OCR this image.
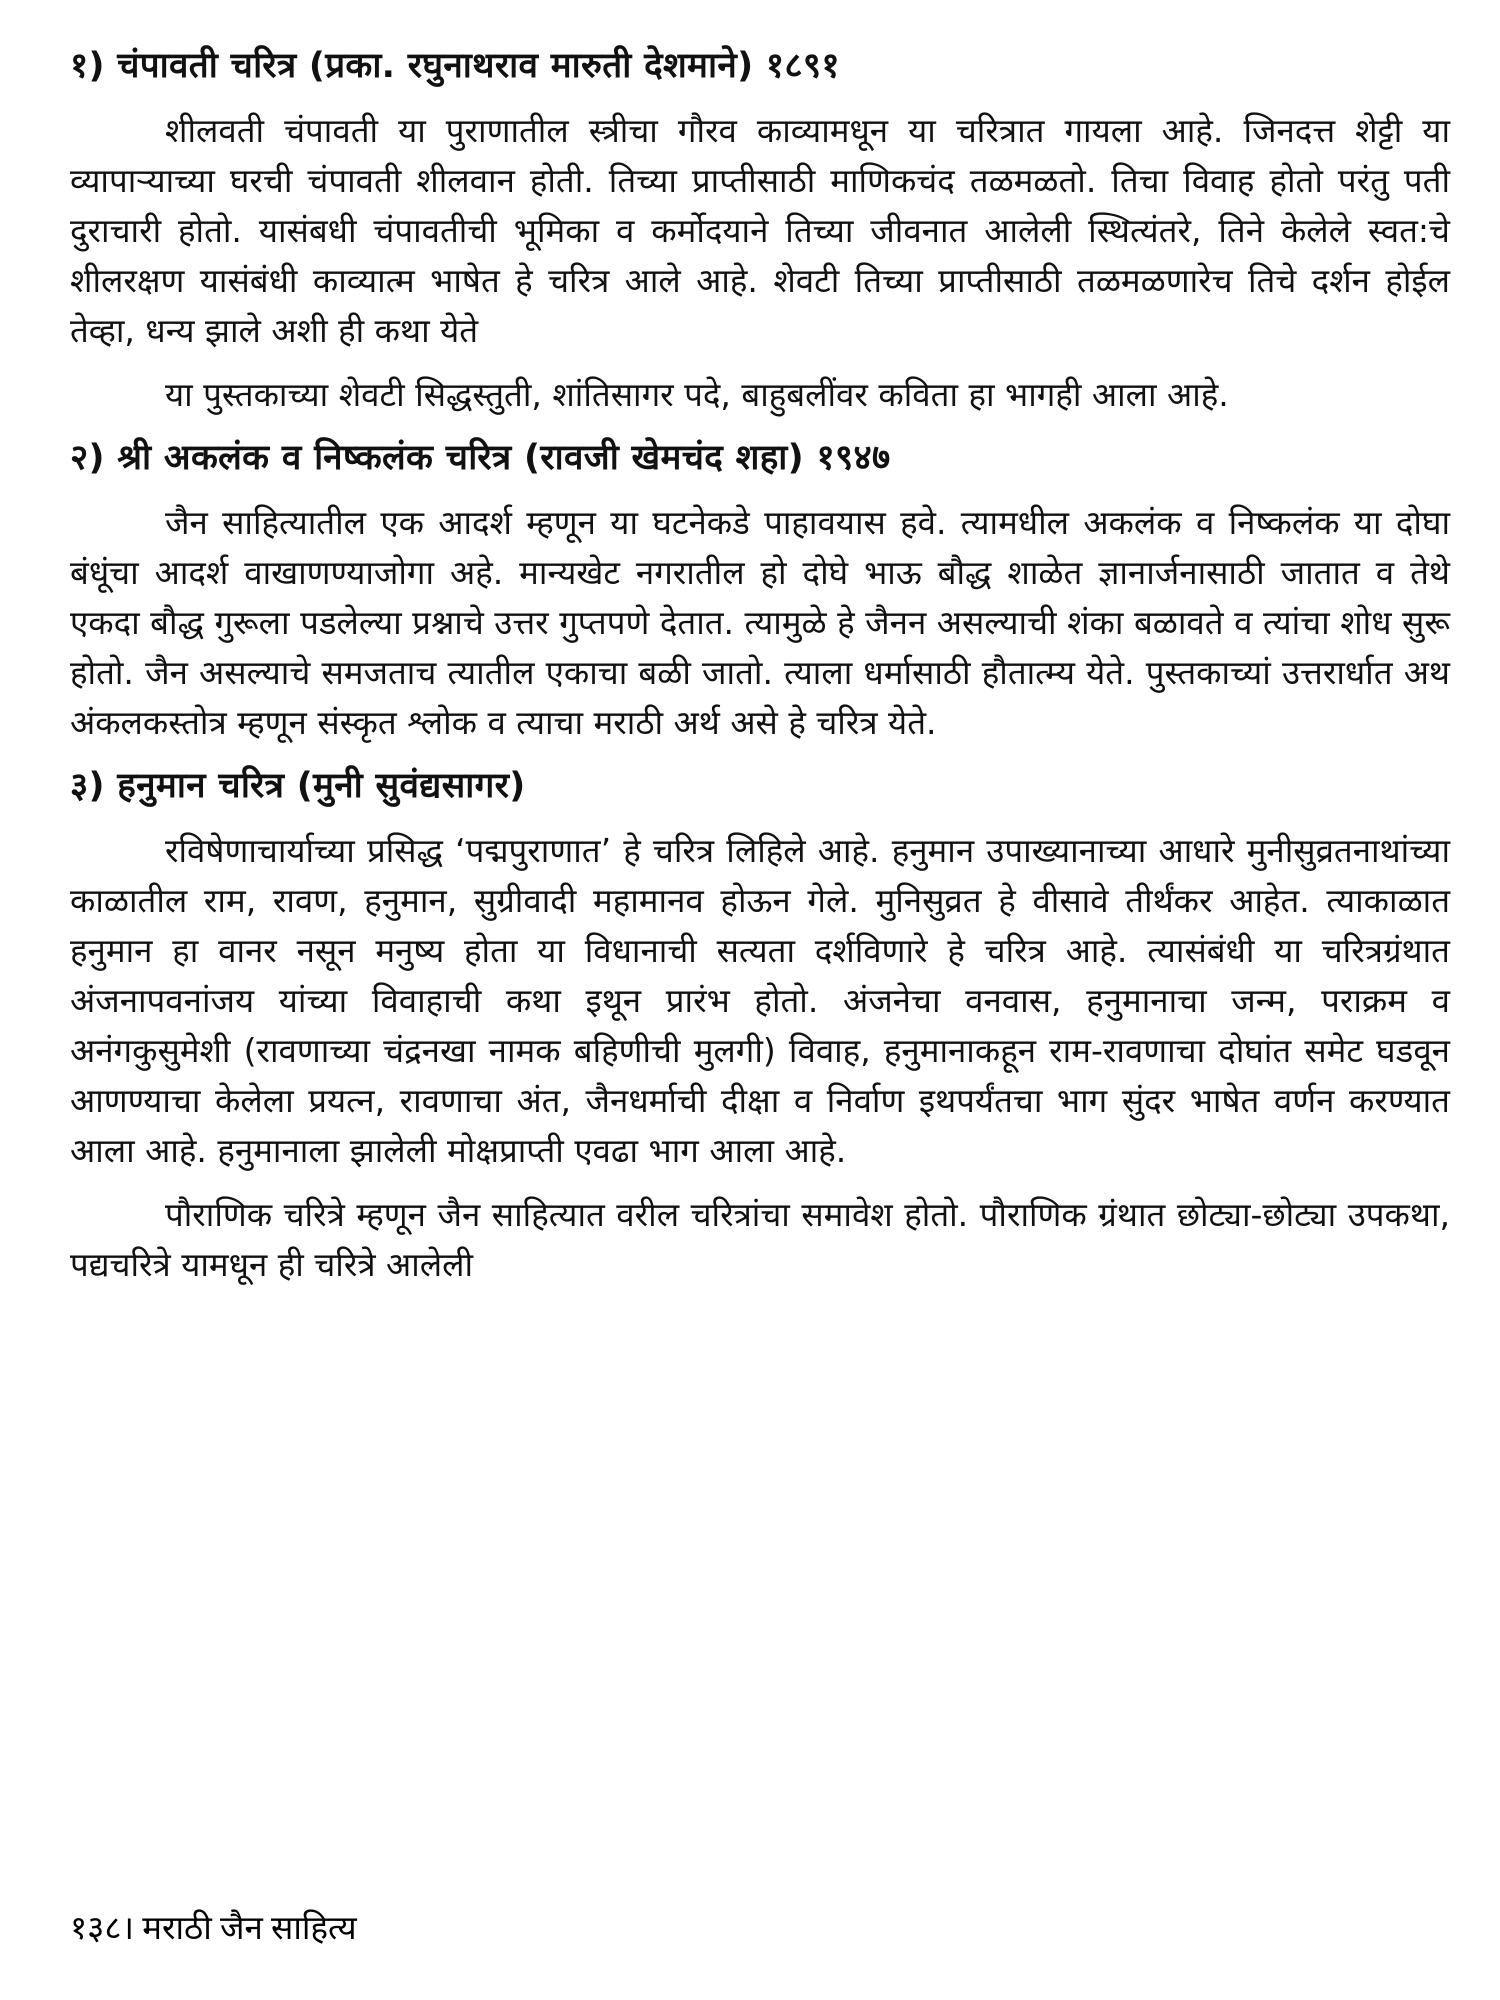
१) चंपावती चरित्र (प्रका. रघुनाथराव मारुती देशमाने) १८९१

शीलवती चंपावती या पुराणातील स्त्रीचा गौरव काव्यामधून या चरित्रात गायला आहे. जिनदत्त शेट्टी या व्यापाऱ्याच्या घरची चंपावती शीलवान होती. तिच्या प्राप्तीसाठी माणिकचंद तळमळतो. तिचा विवाह होतो परंतु पती दुराचारी होतो. यासंबधी चंपावतीची भूमिका व कर्मोदयाने तिच्या जीवनात आलेली स्थित्यंतरे, तिने केलेले स्वत:चे शीलरक्षण यासंबंधी काव्यात्म भाषेत हे चरित्र आले आहे. शेवटी तिच्या प्राप्तीसाठी तळमळणारेच तिचे दर्शन होईल तेव्हा, धन्य झाले अशी ही कथा येते

या पुस्तकाच्या शेवटी सिद्धस्तुती, शांतिसागर पदे, बाहुबलींवर कविता हा भागही आला आहे.

२) श्री अकलंक व निष्कलंक चरित्र (रावजी खेमचंद शहा) १९४७

जैन साहित्यातील एक आदर्श म्हणून या घटनेकडे पाहावयास हवे. त्यामधील अकलंक व निष्कलंक या दोघा बंधूंचा आदर्श वाखाणण्याजोगा अहे. मान्यखेट नगरातील हो दोघे भाऊ बौद्ध शाळेत ज्ञानार्जनासाठी जातात व तेथे एकदा बौद्ध गुरूला पडलेल्या प्रश्नाचे उत्तर गुप्तपणे देतात. त्यामुळे हे जैनन असल्याची शंका बळावते व त्यांचा शोध सुरू होतो. जैन असल्याचे समजताच त्यातील एकाचा बळी जातो. त्याला धर्मासाठी हौतात्म्य येते. पुस्तकाच्यां उत्तरार्धात अथ अंकलकस्तोत्र म्हणून संस्कृत श्लोक व त्याचा मराठी अर्थ असे हे चरित्र येते.

३) हनुमान चरित्र (मुनी सुवंद्यसागर)

रविषेणाचार्याच्या प्रसिद्ध ‘पद्मपुराणात’ हे चरित्र लिहिले आहे. हनुमान उपाख्यानाच्या आधारे मुनीसुव्रतनाथांच्या काळातील राम, रावण, हनुमान, सुग्रीवादी महामानव होऊन गेले. मुनिसुव्रत हे वीसावे तीर्थंकर आहेत. त्याकाळात हनुमान हा वानर नसून मनुष्य होता या विधानाची सत्यता दर्शविणारे हे चरित्र आहे. त्यासंबंधी या चरित्रग्रंथात अंजनापवनांजय यांच्या विवाहाची कथा इथून प्रारंभ होतो. अंजनेचा वनवास, हनुमानाचा जन्म, पराक्रम व अनंगकुसुमेशी (रावणाच्या चंद्रनखा नामक बहिणीची मुलगी) विवाह, हनुमानाकहून राम-रावणाचा दोघांत समेट घडवून आणण्याचा केलेला प्रयत्न, रावणाचा अंत, जैनधर्माची दीक्षा व निर्वाण इथपर्यंतचा भाग सुंदर भाषेत वर्णन करण्यात आला आहे. हनुमानाला झालेली मोक्षप्राप्ती एवढा भाग आला आहे.

पौराणिक चरित्रे म्हणून जैन साहित्यात वरील चरित्रांचा समावेश होतो. पौराणिक ग्रंथात छोट्या-छोट्या उपकथा, पद्यचरित्रे यामधून ही चरित्रे आलेली

१३८। मराठी जैन साहित्य
